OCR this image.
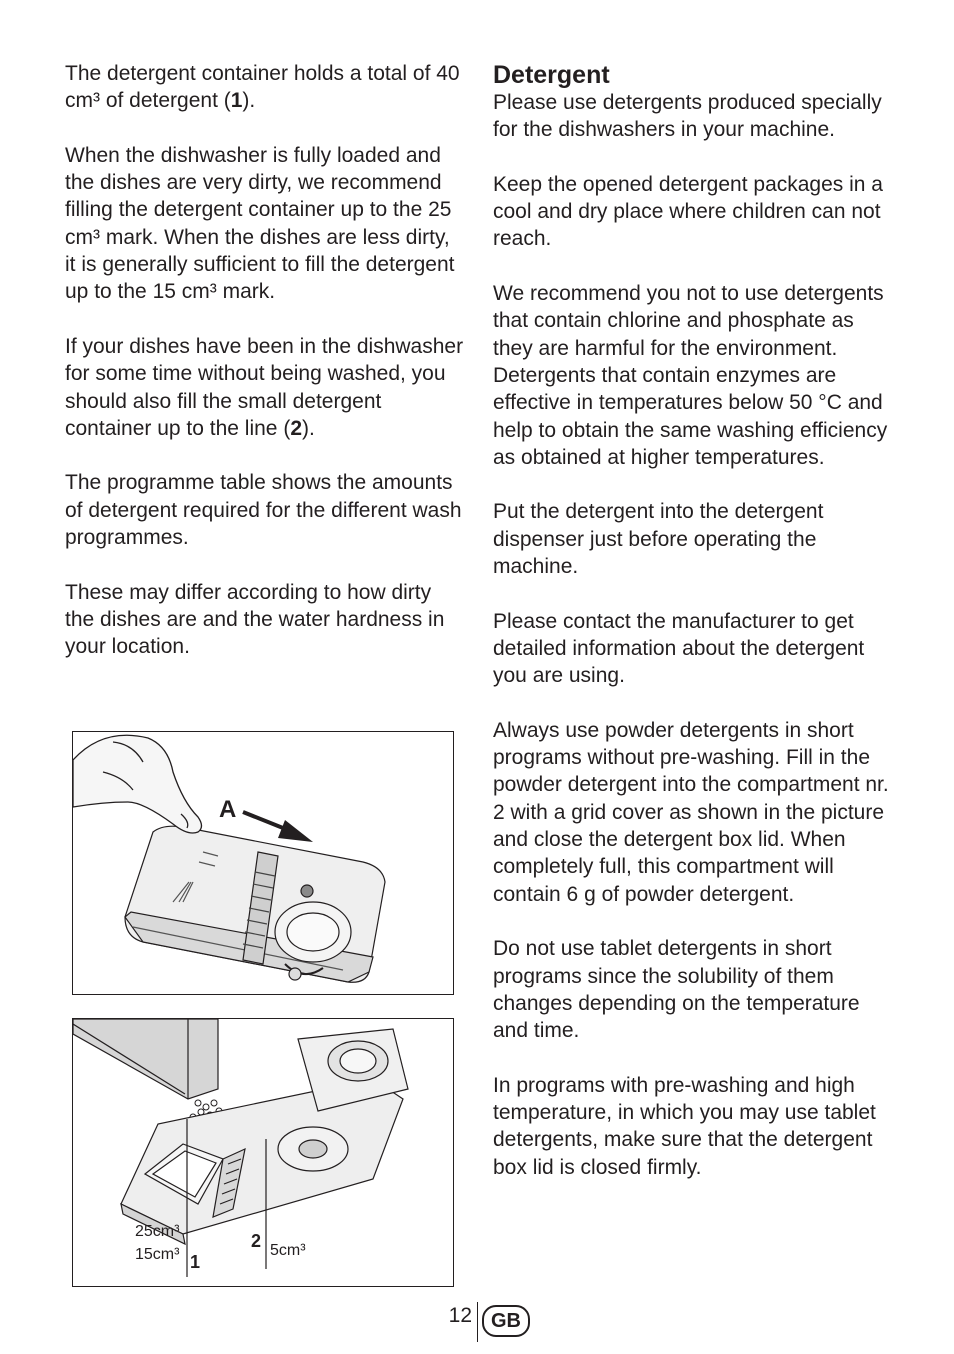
The detergent container holds a total of 40 cm³ of detergent (1).

When the dishwasher is fully loaded and the dishes are very dirty, we recommend filling the detergent container up to the 25 cm³ mark. When the dishes are less dirty, it is generally sufficient to fill the detergent up to the 15 cm³ mark.

If your dishes have been in the dishwasher for some time without being washed, you should also fill the small detergent container up to the line (2).

The programme table shows the amounts of detergent required for the different wash programmes.

These may differ according to how dirty the dishes are and the water hardness in your location.

Detergent

Please use detergents produced specially for the dishwashers in your machine.

Keep the opened detergent packages in a cool and dry place where children can not reach.

We recommend you not to use detergents that contain chlorine and phosphate as they are harmful for the environment. Detergents that contain enzymes are effective in temperatures below 50 °C and help to obtain the same washing efficiency as obtained at higher temperatures.

Put the detergent into the detergent dispenser just before operating the machine.

Please contact the manufacturer to get detailed information about the detergent you are using.

Always use powder detergents in short programs without pre-washing. Fill in the powder detergent into the compartment nr. 2 with a grid cover as shown in the picture and close the detergent box lid. When completely full, this compartment will contain 6 g of powder detergent.

Do not use tablet detergents in short programs since the solubility of them changes depending on the temperature and time.

In programs with pre-washing and high temperature, in which you may use tablet detergents, make sure that the detergent box lid is closed firmly.

A
25cm³
15cm³ 1
2 5cm³
12 GB
